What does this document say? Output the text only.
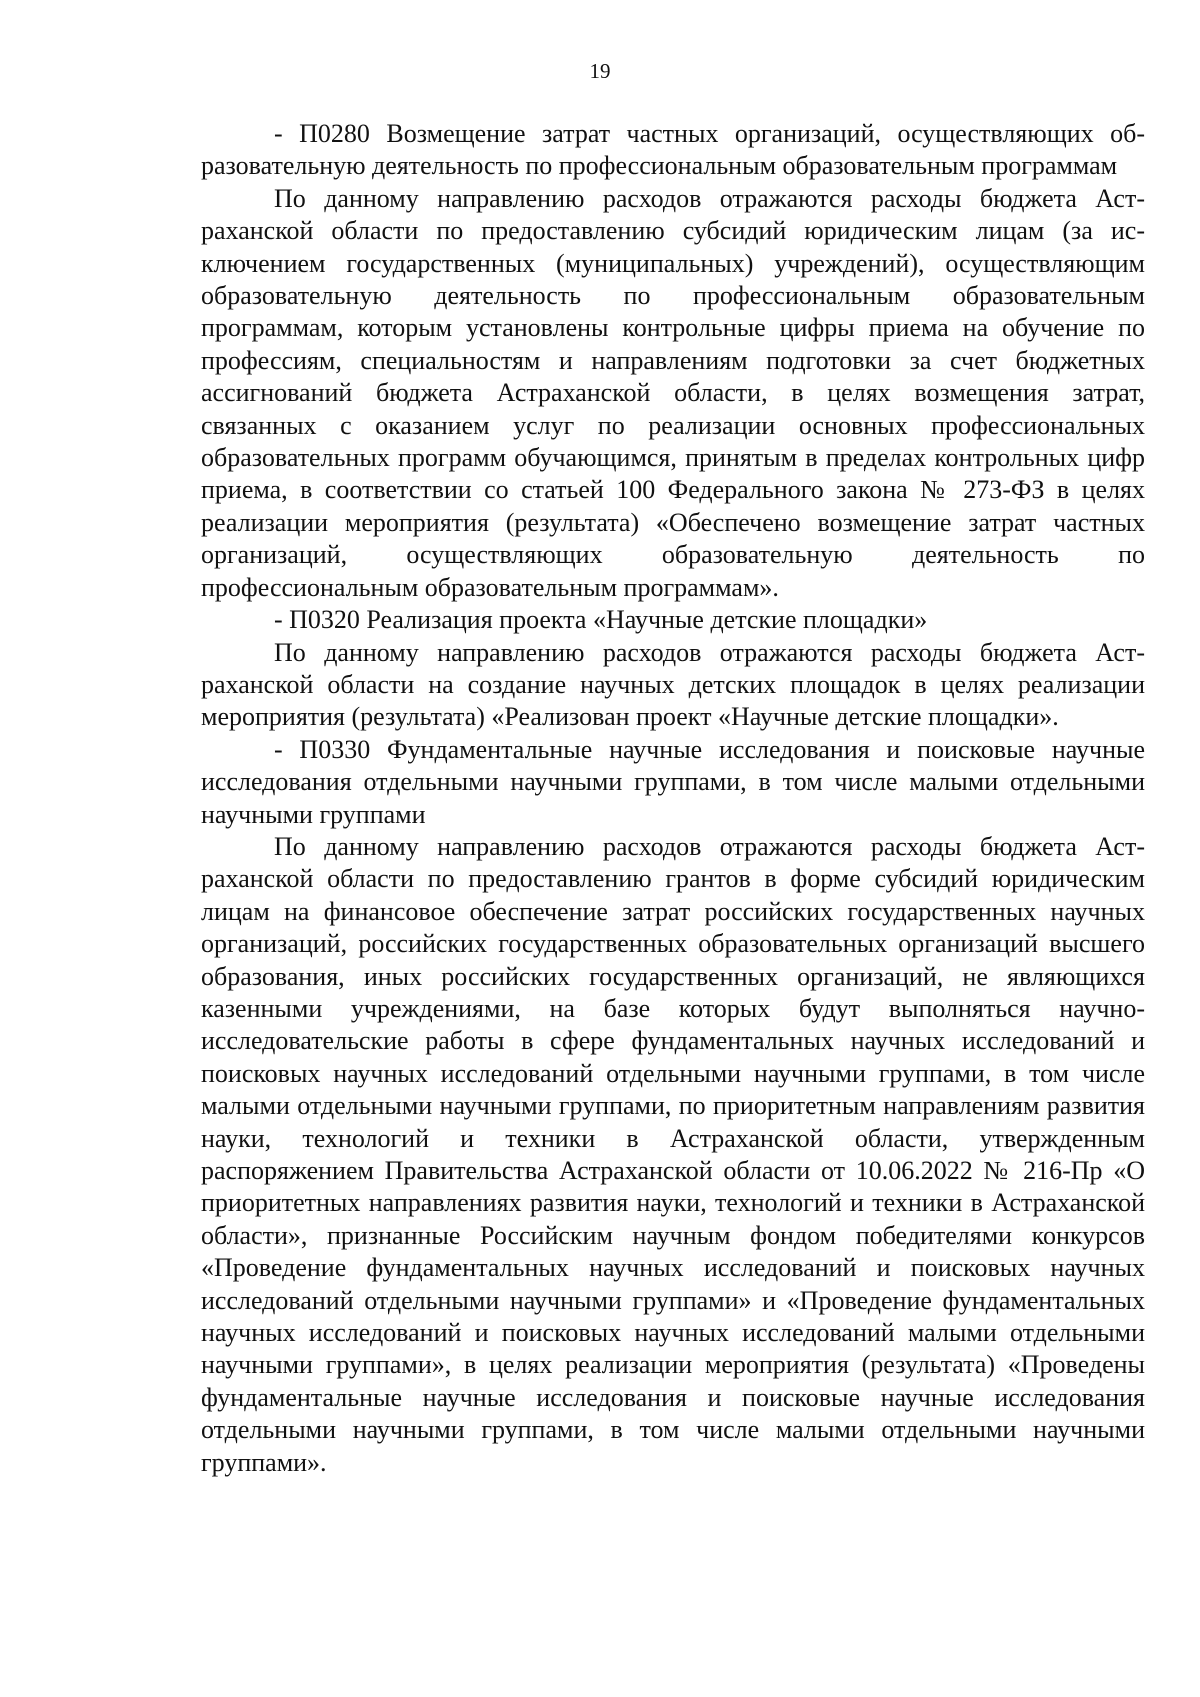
19

- П0280 Возмещение затрат частных организаций, осуществляющих образовательную деятельность по профессиональным образовательным программам

По данному направлению расходов отражаются расходы бюджета Астраханской области по предоставлению субсидий юридическим лицам (за исключением государственных (муниципальных) учреждений), осуществляющим образовательную деятельность по профессиональным образовательным программам, которым установлены контрольные цифры приема на обучение по профессиям, специальностям и направлениям подготовки за счет бюджетных ассигнований бюджета Астраханской области, в целях возмещения затрат, связанных с оказанием услуг по реализации основных профессиональных образовательных программ обучающимся, принятым в пределах контрольных цифр приема, в соответствии со статьей 100 Федерального закона № 273-ФЗ в целях реализации мероприятия (результата) «Обеспечено возмещение затрат частных организаций, осуществляющих образовательную деятельность по профессиональным образовательным программам».

- П0320 Реализация проекта «Научные детские площадки»

По данному направлению расходов отражаются расходы бюджета Астраханской области на создание научных детских площадок в целях реализации мероприятия (результата) «Реализован проект «Научные детские площадки».

- П0330 Фундаментальные научные исследования и поисковые научные исследования отдельными научными группами, в том числе малыми отдельными научными группами

По данному направлению расходов отражаются расходы бюджета Астраханской области по предоставлению грантов в форме субсидий юридическим лицам на финансовое обеспечение затрат российских государственных научных организаций, российских государственных образовательных организаций высшего образования, иных российских государственных организаций, не являющихся казенными учреждениями, на базе которых будут выполняться научно-исследовательские работы в сфере фундаментальных научных исследований и поисковых научных исследований отдельными научными группами, в том числе малыми отдельными научными группами, по приоритетным направлениям развития науки, технологий и техники в Астраханской области, утвержденным распоряжением Правительства Астраханской области от 10.06.2022 № 216-Пр «О приоритетных направлениях развития науки, технологий и техники в Астраханской области», признанные Российским научным фондом победителями конкурсов «Проведение фундаментальных научных исследований и поисковых научных исследований отдельными научными группами» и «Проведение фундаментальных научных исследований и поисковых научных исследований малыми отдельными научными группами», в целях реализации мероприятия (результата) «Проведены фундаментальные научные исследования и поисковые научные исследования отдельными научными группами, в том числе малыми отдельными научными группами».
